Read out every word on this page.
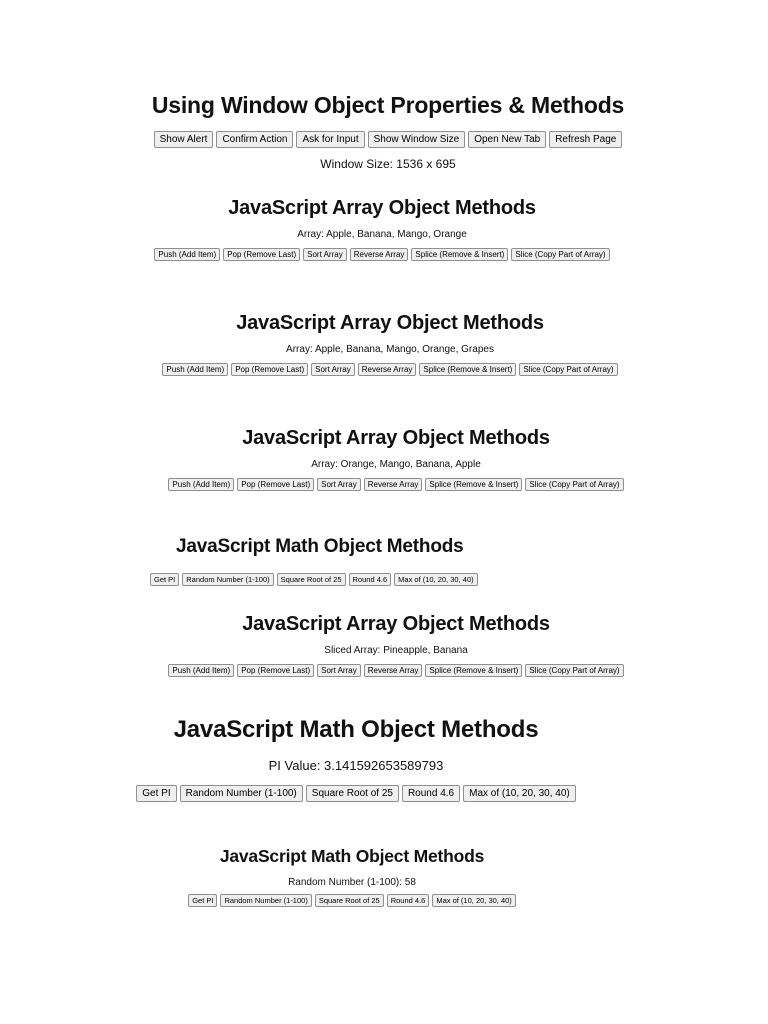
Using Window Object Properties & Methods
Show Alert	Confirm Action	Ask for Input	Show Window Size	Open New Tab	Refresh Page

Window Size: 1536 x 695

JavaScript Array Object Methods

Array: Apple, Banana, Mango, Orange

Push (Add Item)	Pop (Remove Last)	Sort Array	Reverse Array	Splice (Remove & Insert)	Slice (Copy Part of Array)
JavaScript Array Object Methods

Array: Apple, Banana, Mango, Orange, Grapes

Push (Add Item)	Pop (Remove Last)	Sort Array	Reverse Array	Splice (Remove & Insert)	Slice (Copy Part of Array)
JavaScript Array Object Methods

Array: Orange, Mango, Banana, Apple

Push (Add Item)	Pop (Remove Last)	Sort Array	Reverse Array	Splice (Remove & Insert)	Slice (Copy Part of Array)
JavaScript Math Object Methods
Get PI	Random Number (1-100)	Square Root of 25	Round 4.6	Max of (10, 20, 30, 40)
JavaScript Array Object Methods

Sliced Array: Pineapple, Banana

Push (Add Item)	Pop (Remove Last)	Sort Array	Reverse Array	Splice (Remove & Insert)	Slice (Copy Part of Array)
JavaScript Math Object Methods

PI Value: 3.141592653589793

Get PI	Random Number (1-100)	Square Root of 25	Round 4.6	Max of (10, 20, 30, 40)
JavaScript Math Object Methods

Random Number (1-100): 58

Get PI	Random Number (1-100)	Square Root of 25	Round 4.6	Max of (10, 20, 30, 40)
